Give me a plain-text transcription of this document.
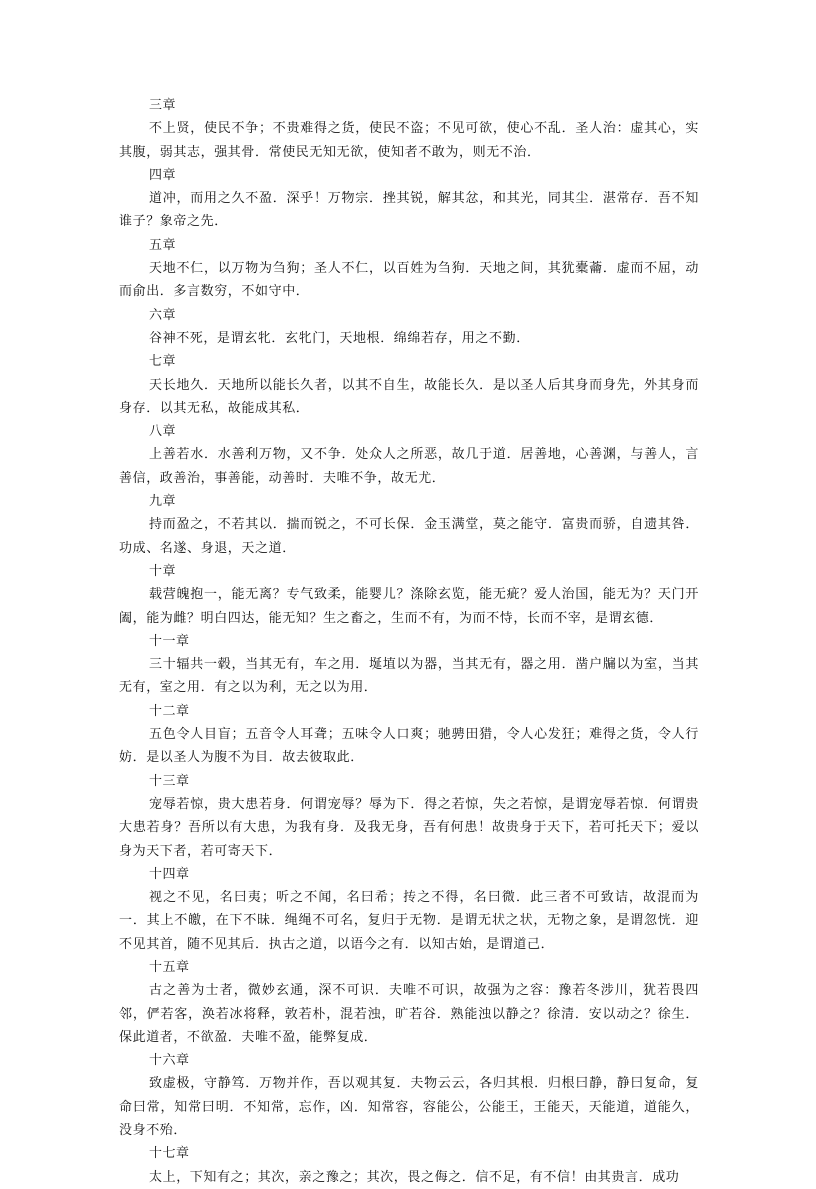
三章
不上贤，使民不争；不贵难得之货，使民不盗；不见可欲，使心不乱．圣人治：虚其心，实其腹，弱其志，强其骨．常使民无知无欲，使知者不敢为，则无不治．
四章
道冲，而用之久不盈．深乎！万物宗．挫其锐，解其忿，和其光，同其尘．湛常存．吾不知谁子？象帝之先．
五章
天地不仁，以万物为刍狗；圣人不仁，以百姓为刍狗．天地之间，其犹橐蘥．虚而不屈，动而俞出．多言数穷，不如守中．
六章
谷神不死，是谓玄牝．玄牝门，天地根．绵绵若存，用之不勤．
七章
天长地久．天地所以能长久者，以其不自生，故能长久．是以圣人后其身而身先，外其身而身存．以其无私，故能成其私．
八章
上善若水．水善利万物，又不争．处众人之所恶，故几于道．居善地，心善渊，与善人，言善信，政善治，事善能，动善时．夫唯不争，故无尤．
九章
持而盈之，不若其以．揣而锐之，不可长保．金玉满堂，莫之能守．富贵而骄，自遗其咎．功成、名遂、身退，天之道．
十章
载营魄抱一，能无离？专气致柔，能婴儿？涤除玄览，能无疵？爱人治国，能无为？天门开阖，能为雌？明白四达，能无知？生之畜之，生而不有，为而不恃，长而不宰，是谓玄德．
十一章
三十辐共一毂，当其无有，车之用．埏埴以为器，当其无有，器之用．凿户牖以为室，当其无有，室之用．有之以为利，无之以为用．
十二章
五色令人目盲；五音令人耳聋；五味令人口爽；驰骋田猎，令人心发狂；难得之货，令人行妨．是以圣人为腹不为目．故去彼取此．
十三章
宠辱若惊，贵大患若身．何谓宠辱？辱为下．得之若惊，失之若惊，是谓宠辱若惊．何谓贵大患若身？吾所以有大患，为我有身．及我无身，吾有何患！故贵身于天下，若可托天下；爱以身为天下者，若可寄天下．
十四章
视之不见，名曰夷；听之不闻，名曰希；抟之不得，名曰微．此三者不可致诘，故混而为一．其上不皦，在下不昧．绳绳不可名，复归于无物．是谓无状之状，无物之象，是谓忽恍．迎不见其首，随不见其后．执古之道，以语今之有．以知古始，是谓道己．
十五章
古之善为士者，微妙玄通，深不可识．夫唯不可识，故强为之容：豫若冬涉川，犹若畏四邻，俨若客，涣若冰将释，敦若朴，混若浊，旷若谷．熟能浊以静之？徐清．安以动之？徐生．保此道者，不欲盈．夫唯不盈，能弊复成．
十六章
致虚极，守静笃．万物并作，吾以观其复．夫物云云，各归其根．归根曰静，静曰复命，复命曰常，知常曰明．不知常，忘作，凶．知常容，容能公，公能王，王能天，天能道，道能久，没身不殆．
十七章
太上，下知有之；其次，亲之豫之；其次，畏之侮之．信不足，有不信！由其贵言．成功
